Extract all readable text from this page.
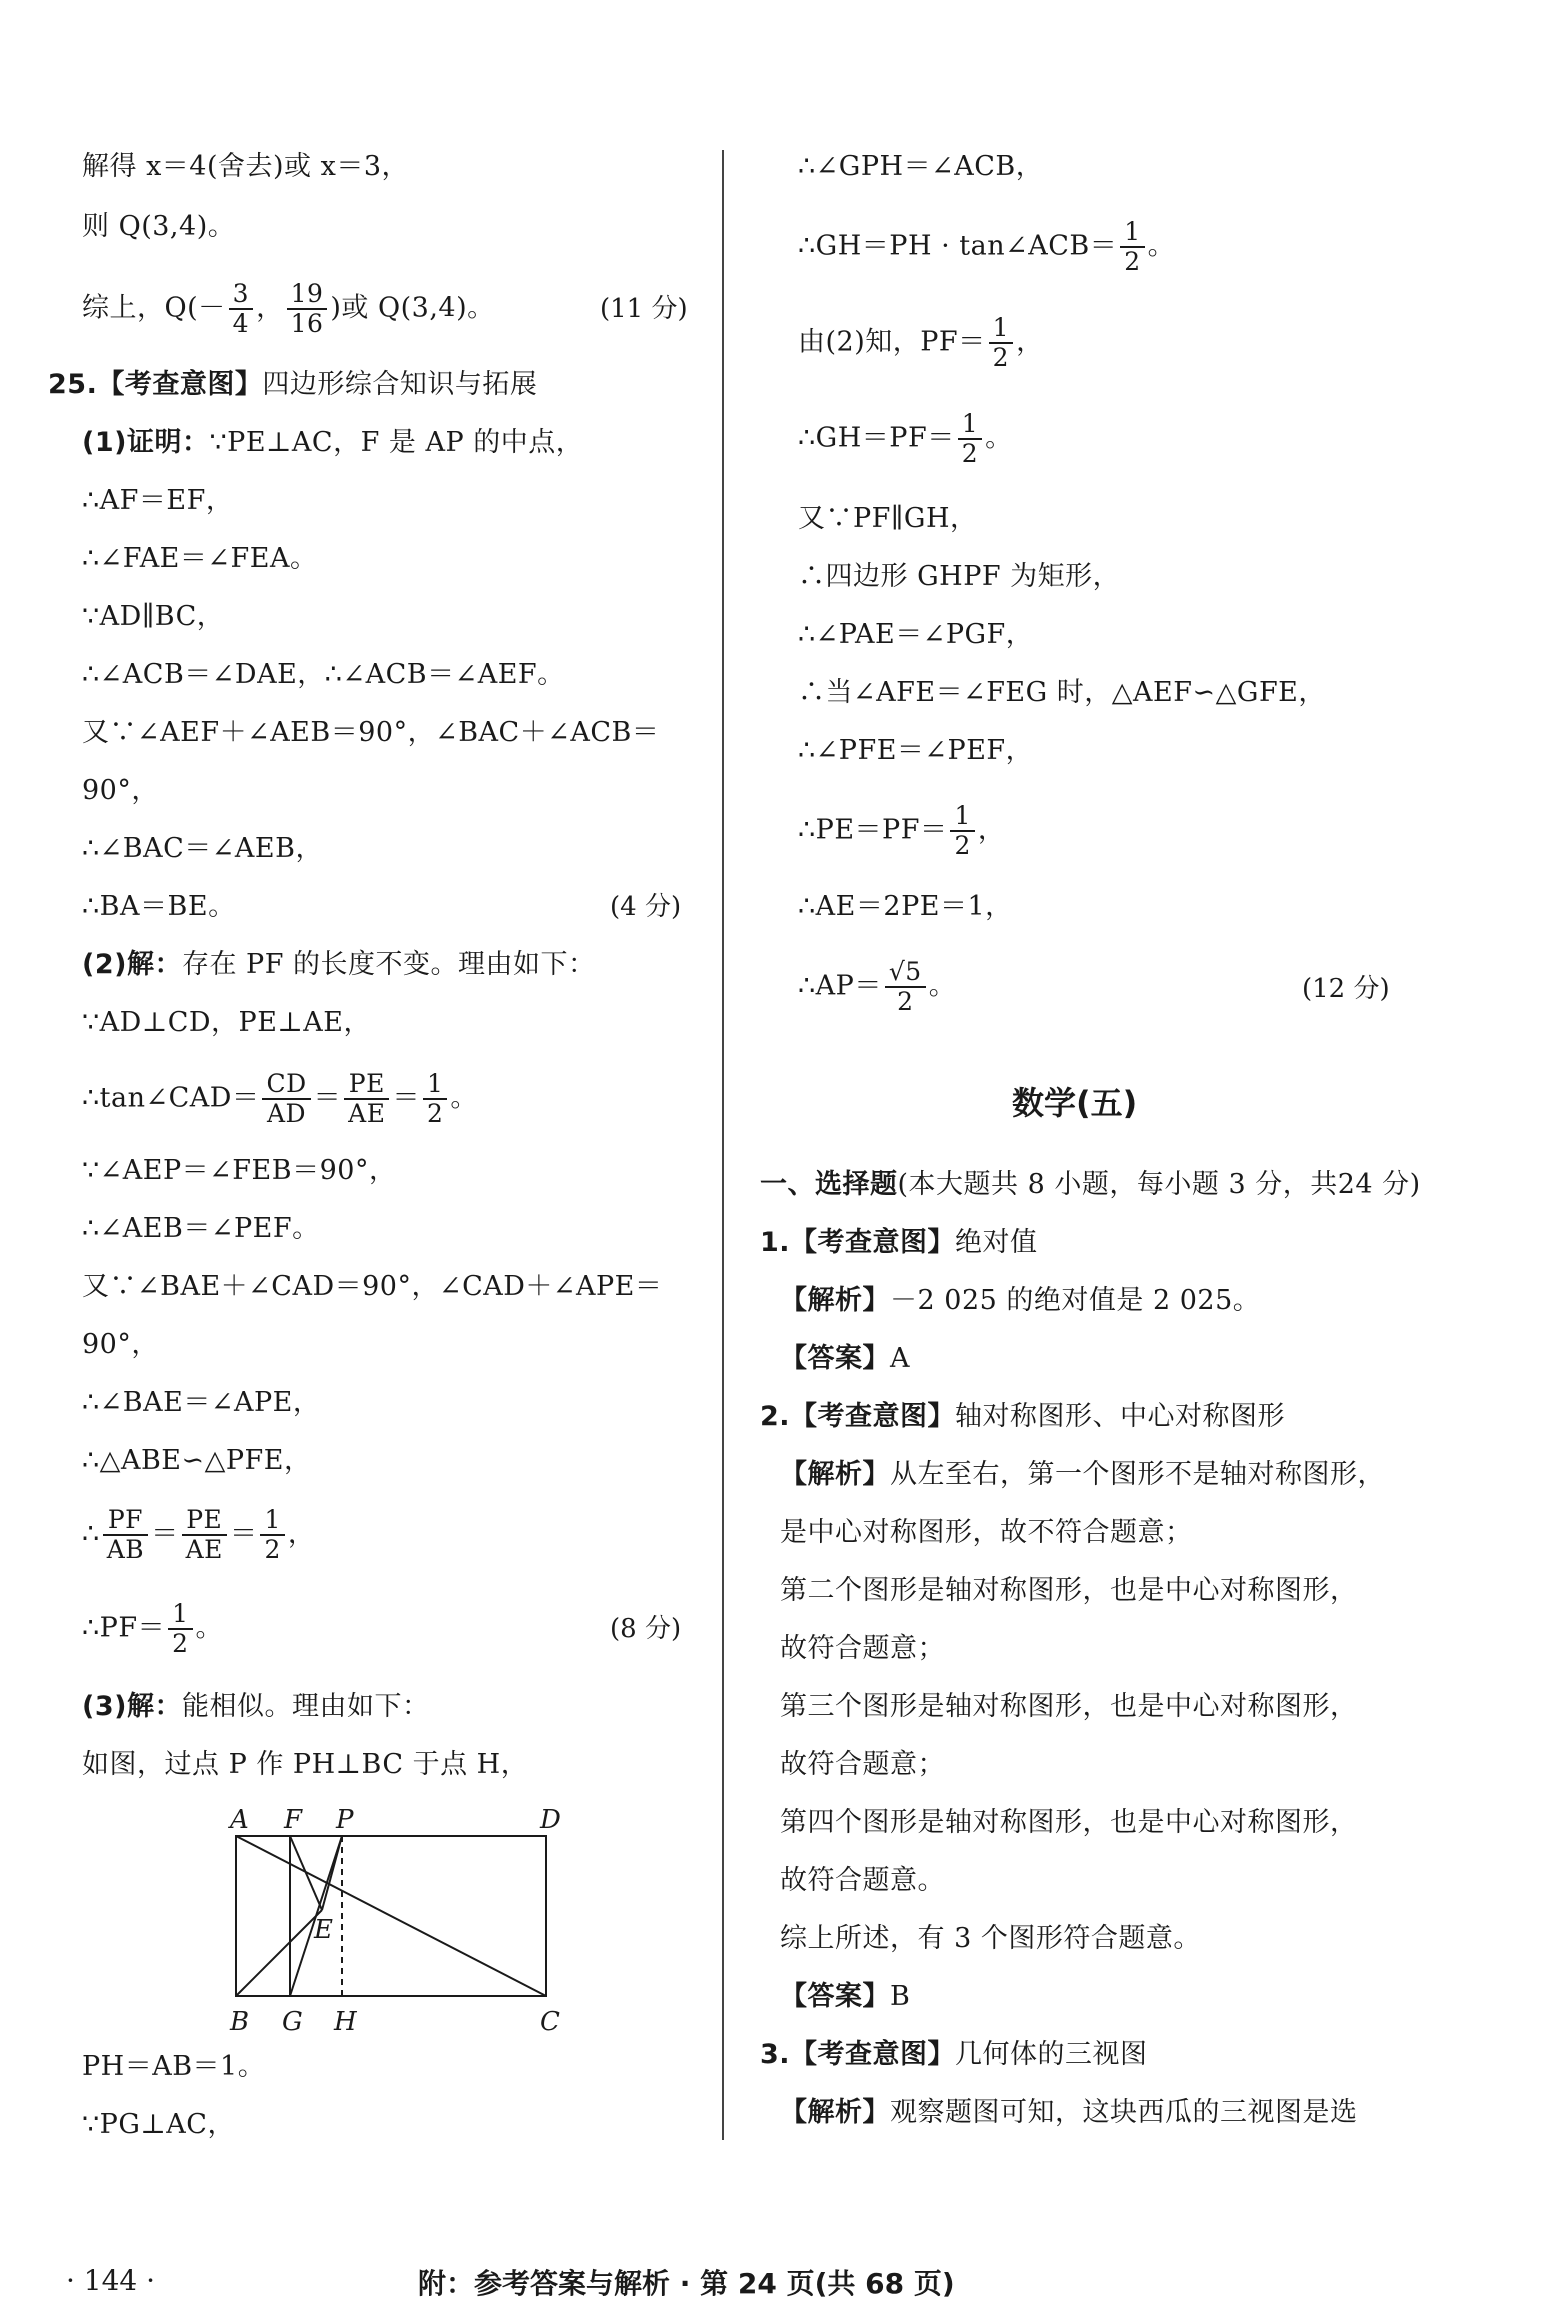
解得 x＝4(舍去)或 x＝3，
则 Q(3,4)。
综上，$Q(- \frac{3}{4}$ ， $\frac{19}{16}$ )或 Q(3,4)。	(11 分)
25.【考查意图】四边形综合知识与拓展
(1)证明：∵PE⊥AC，F 是 AP 的中点，
∴AF＝EF，
∴∠FAE＝∠FEA。
∵AD∥BC，
∴∠ACB＝∠DAE，∴∠ACB＝∠AEF。
又∵∠AEF＋∠AEB＝90°，∠BAC＋∠ACB＝
90°，
∴∠BAC＝∠AEB，
∴BA＝BE。	(4 分)
(2)解：存在 PF 的长度不变。理由如下：
∵AD⊥CD，PE⊥AE，
∴tan∠CAD＝ $\frac{CD}{AD} = \frac{PE}{AE} = \frac{1}{2}$ 。
∵∠AEP＝∠FEB＝90°，
∴∠AEB＝∠PEF。
又∵∠BAE＋∠CAD＝90°，∠CAD＋∠APE＝
90°，
∴∠BAE＝∠APE，
∴△ABE∽△PFE，
∴ $\frac{PF}{AB} = \frac{PE}{AE} = \frac{1}{2}$ ，
∴PF＝ $\frac{1}{2}$ 。	(8 分)
(3)解：能相似。理由如下：
如图，过点 P 作 PH⊥BC 于点 H，
PH＝AB＝1。
∵PG⊥AC，
A F P	D
E
B G H	C
∴∠GPH＝∠ACB，
∴GH＝PH · tan∠ACB＝ $\frac{1}{2}$ 。
由(2)知，$PF= \frac{1}{2}$ ，
∴GH＝PF＝ $\frac{1}{2}$ 。
又∵PF∥GH，
∴四边形 GHPF 为矩形，
∴∠PAE＝∠PGF，
∴当∠AFE＝∠FEG 时，△AEF∽△GFE，
∴∠PFE＝∠PEF，
∴PE＝PF＝ $\frac{1}{2}$ ，
∴AE＝2PE＝1，
∴AP＝ $\frac{√5}{2}$ 。	(12 分)
数学(五)
一、选择题(本大题共 8 小题，每小题 3 分，共24 分)
1.【考查意图】绝对值
【解析】－2 025 的绝对值是 2 025。
【答案】A
2.【考查意图】轴对称图形、中心对称图形
【解析】从左至右，第一个图形不是轴对称图形，
是中心对称图形，故不符合题意；
第二个图形是轴对称图形，也是中心对称图形，
故符合题意；
第三个图形是轴对称图形，也是中心对称图形，
故符合题意；
第四个图形是轴对称图形，也是中心对称图形，
故符合题意。
综上所述，有 3 个图形符合题意。
【答案】B
3.【考查意图】几何体的三视图
【解析】观察题图可知，这块西瓜的三视图是选
· 144 ·	附：参考答案与解析 · 第 24 页(共 68 页)
